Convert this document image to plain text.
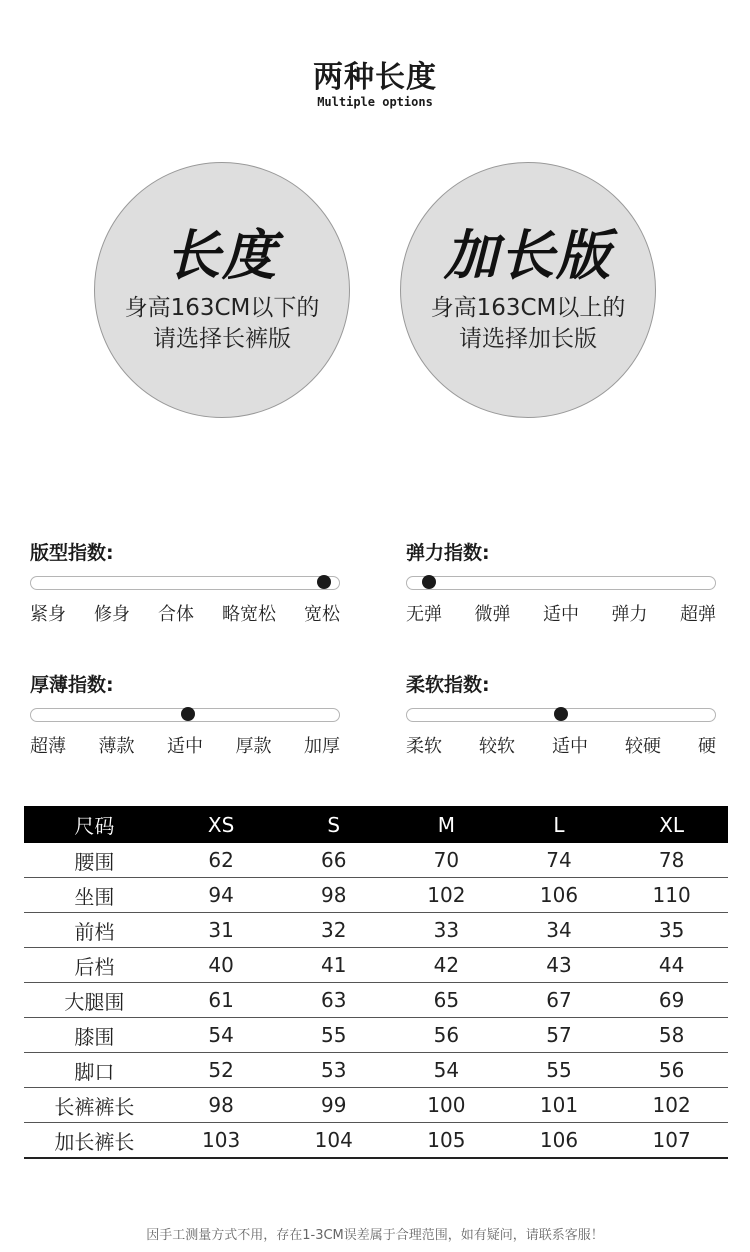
两种长度
Multiple options
长度
身高163CM以下的
请选择长裤版
加长版
身高163CM以上的
请选择加长版
版型指数:
紧身 修身 合体 略宽松 宽松
弹力指数:
无弹 微弹 适中 弹力 超弹
厚薄指数:
超薄 薄款 适中 厚款 加厚
柔软指数:
柔软 较软 适中 较硬 硬
尺码	XS	S	M	L	XL
腰围	62	66	70	74	78
坐围	94	98	102	106	110
前档	31	32	33	34	35
后档	40	41	42	43	44
大腿围	61	63	65	67	69
膝围	54	55	56	57	58
脚口	52	53	54	55	56
长裤裤长	98	99	100	101	102
加长裤长	103	104	105	106	107
因手工测量方式不用，存在1-3CM误差属于合理范围，如有疑问，请联系客服！
